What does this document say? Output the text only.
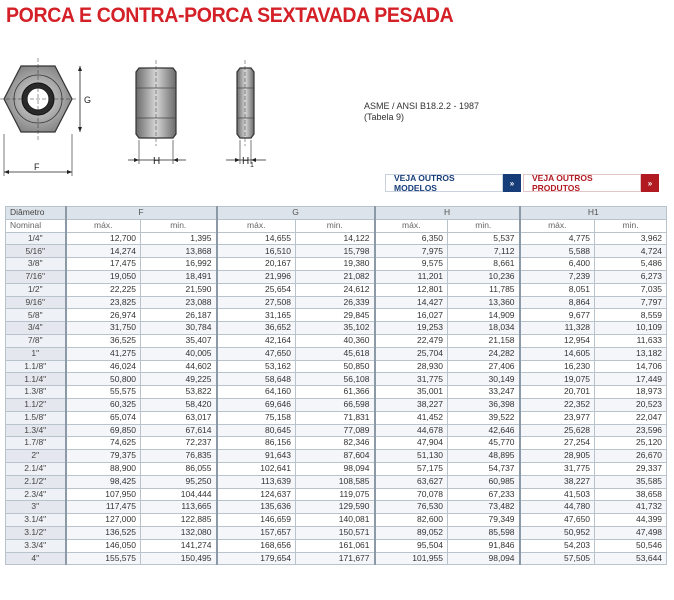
PORCA E CONTRA-PORCA SEXTAVADA PESADA
G
F	H	H 1
ASME / ANSI B18.2.2 - 1987
(Tabela 9)
VEJA OUTROS MODELOS	»	VEJA OUTROS PRODUTOS	»
Diâmetro	F		G		H		H1	
Nominal	máx.	min.	máx.	min.	máx.	min.	máx.	min.
1/4"	12,700	1,395	14,655	14,122	6,350	5,537	4,775	3,962
5/16"	14,274	13,868	16,510	15,798	7,975	7,112	5,588	4,724
3/8"	17,475	16,992	20,167	19,380	9,575	8,661	6,400	5,486
7/16"	19,050	18,491	21,996	21,082	11,201	10,236	7,239	6,273
1/2"	22,225	21,590	25,654	24,612	12,801	11,785	8,051	7,035
9/16"	23,825	23,088	27,508	26,339	14,427	13,360	8,864	7,797
5/8"	26,974	26,187	31,165	29,845	16,027	14,909	9,677	8,559
3/4"	31,750	30,784	36,652	35,102	19,253	18,034	11,328	10,109
7/8"	36,525	35,407	42,164	40,360	22,479	21,158	12,954	11,633
1"	41,275	40,005	47,650	45,618	25,704	24,282	14,605	13,182
1.1/8"	46,024	44,602	53,162	50,850	28,930	27,406	16,230	14,706
1.1/4"	50,800	49,225	58,648	56,108	31,775	30,149	19,075	17,449
1.3/8"	55,575	53,822	64,160	61,366	35,001	33,247	20,701	18,973
1.1/2"	60,325	58,420	69,646	66,598	38,227	36,398	22,352	20,523
1.5/8"	65,074	63,017	75,158	71,831	41,452	39,522	23,977	22,047
1.3/4"	69,850	67,614	80,645	77,089	44,678	42,646	25,628	23,596
1.7/8"	74,625	72,237	86,156	82,346	47,904	45,770	27,254	25,120
2"	79,375	76,835	91,643	87,604	51,130	48,895	28,905	26,670
2.1/4"	88,900	86,055	102,641	98,094	57,175	54,737	31,775	29,337
2.1/2"	98,425	95,250	113,639	108,585	63,627	60,985	38,227	35,585
2.3/4"	107,950	104,444	124,637	119,075	70,078	67,233	41,503	38,658
3"	117,475	113,665	135,636	129,590	76,530	73,482	44,780	41,732
3.1/4"	127,000	122,885	146,659	140,081	82,600	79,349	47,650	44,399
3.1/2"	136,525	132,080	157,657	150,571	89,052	85,598	50,952	47,498
3.3/4"	146,050	141,274	168,656	161,061	95,504	91,846	54,203	50,546
4"	155,575	150,495	179,654	171,677	101,955	98,094	57,505	53,644
